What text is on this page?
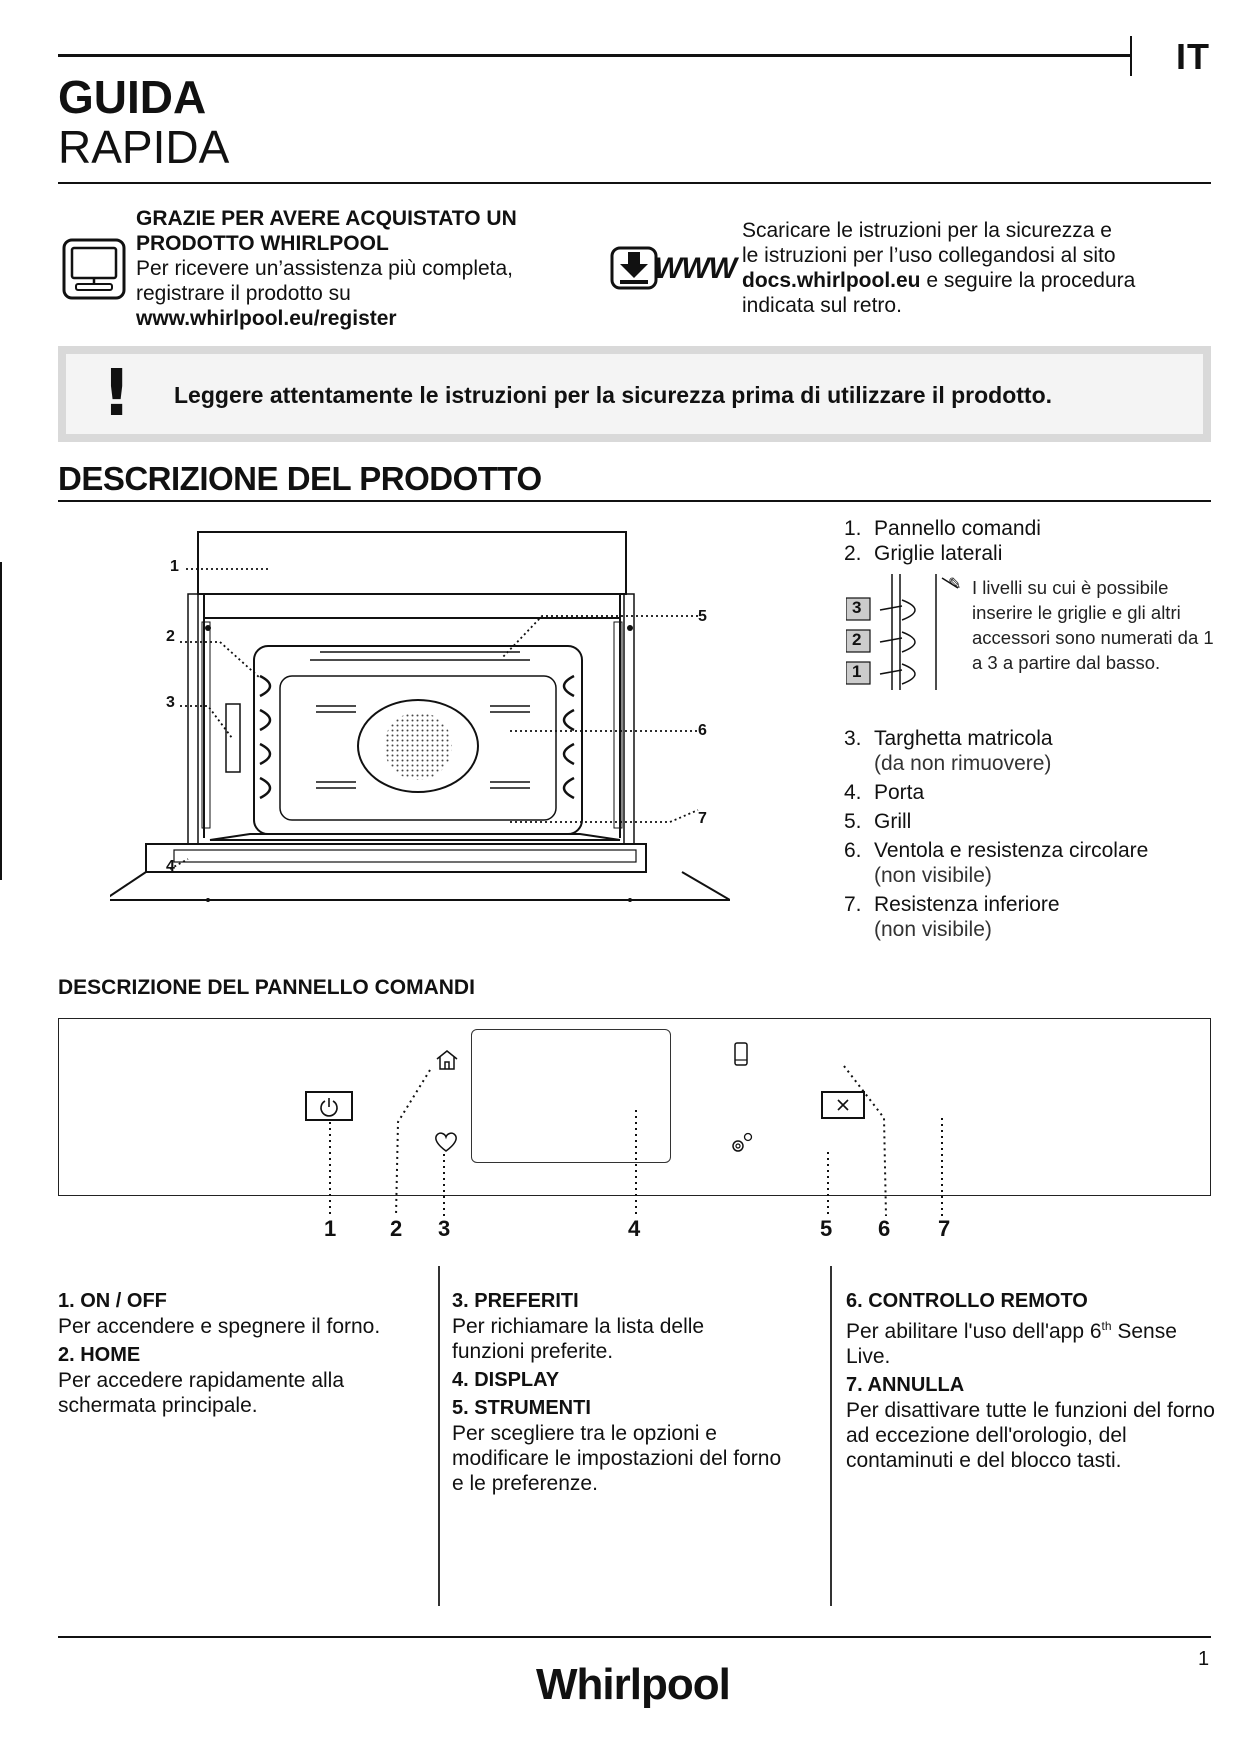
IT
GUIDA
RAPIDA
GRAZIE PER AVERE ACQUISTATO UN
PRODOTTO WHIRLPOOL
Per ricevere un’assistenza più completa,
registrare il prodotto su
www.whirlpool.eu/register
WWW
Scaricare le istruzioni per la sicurezza e
le istruzioni per l’uso collegandosi al sito
docs.whirlpool.eu e seguire la procedura
indicata sul retro.
! Leggere attentamente le istruzioni per la sicurezza prima di utilizzare il prodotto.
DESCRIZIONE DEL PRODOTTO
1
2
3
4
5
6
7
1. Pannello comandi
2. Griglie laterali
3
2
1
✎ I livelli su cui è possibile inserire le griglie e gli altri accessori sono numerati da 1 a 3 a partire dal basso.
3. Targhetta matricola
(da non rimuovere)
4. Porta
5. Grill
6. Ventola e resistenza circolare
(non visibile)
7. Resistenza inferiore
(non visibile)
DESCRIZIONE DEL PANNELLO COMANDI
1 2 3	4	5 6 7
1. ON / OFF
Per accendere e spegnere il forno.
2. HOME
Per accedere rapidamente alla schermata principale.
3. PREFERITI
Per richiamare la lista delle funzioni preferite.
4. DISPLAY
5. STRUMENTI
Per scegliere tra le opzioni e modificare le impostazioni del forno e le preferenze.
6. CONTROLLO REMOTO
Per abilitare l'uso dell'app 6th Sense Live.
7. ANNULLA
Per disattivare tutte le funzioni del forno ad eccezione dell'orologio, del contaminuti e del blocco tasti.
1
Whirlpool
